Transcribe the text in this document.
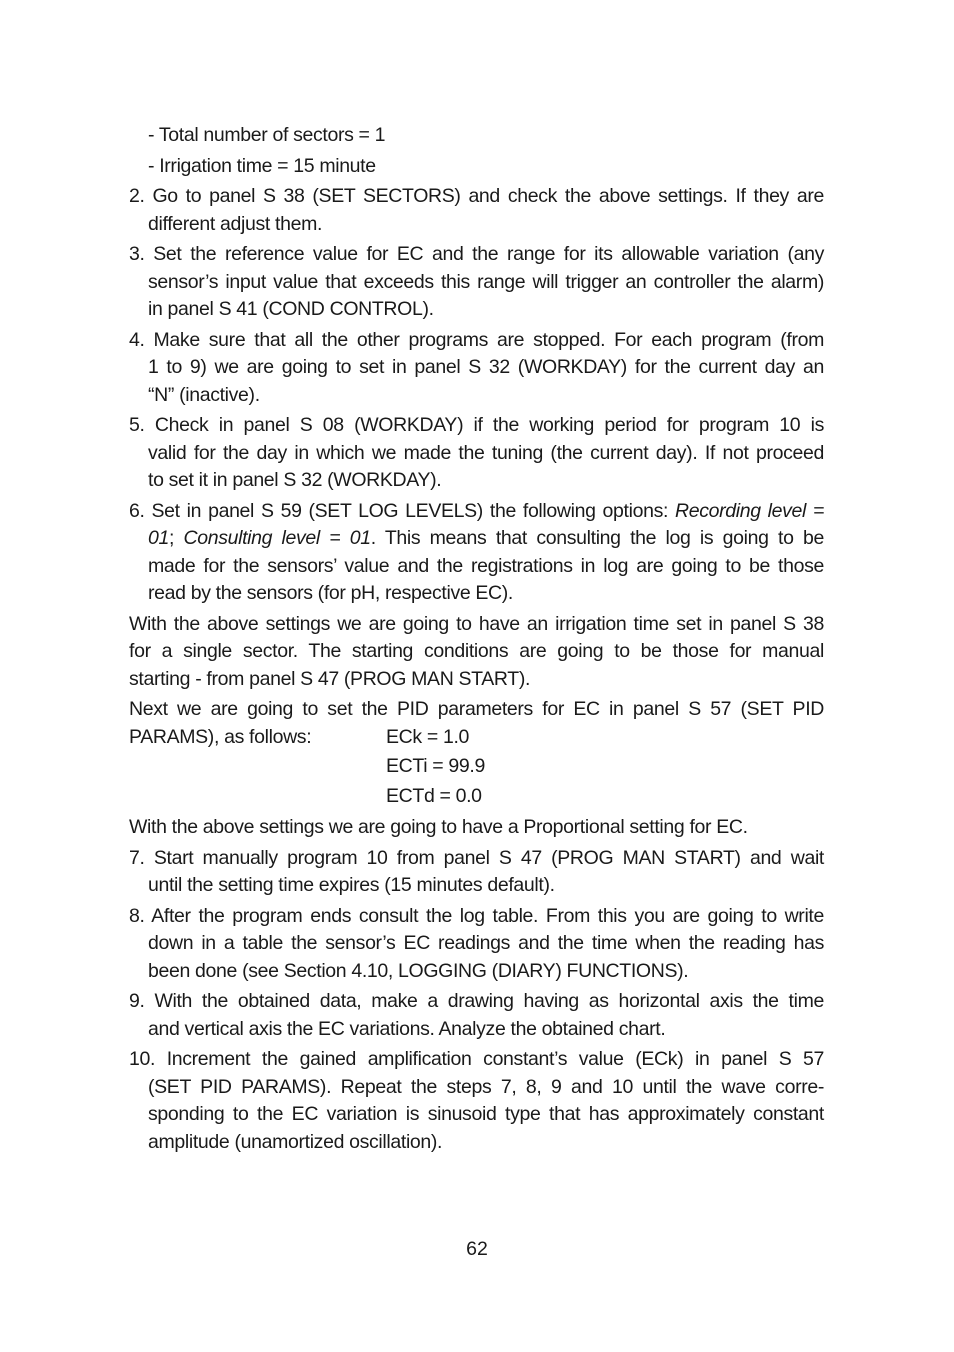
- Total number of sectors = 1
- Irrigation time = 15 minute
2. Go to panel S 38 (SET SECTORS) and check the above settings. If they are
different adjust them.
3. Set the reference value for EC and the range for its allowable variation (any
sensor’s input value that exceeds this range will trigger an controller the alarm)
in panel S 41 (COND CONTROL).
4. Make sure that all the other programs are stopped. For each program (from
1 to 9) we are going to set in panel S 32 (WORKDAY) for the current day an
“N” (inactive).
5. Check in panel S 08 (WORKDAY) if the working period for program 10 is
valid for the day in which we made the tuning (the current day). If not proceed
to set it in panel S 32 (WORKDAY).
6. Set in panel S 59 (SET LOG LEVELS) the following options: Recording level =
01; Consulting level = 01. This means that consulting the log is going to be
made for the sensors’ value and the registrations in log are going to be those
read by the sensors (for pH, respective EC).
With the above settings we are going to have an irrigation time set in panel S 38
for a single sector. The starting conditions are going to be those for manual
starting - from panel S 47 (PROG MAN START).
Next we are going to set the PID parameters for EC in panel S 57 (SET PID
PARAMS), as follows:	ECk = 1.0
ECTi = 99.9
ECTd = 0.0
With the above settings we are going to have a Proportional setting for EC.
7. Start manually program 10 from panel S 47 (PROG MAN START) and wait
until the setting time expires (15 minutes default).
8. After the program ends consult the log table. From this you are going to write
down in a table the sensor’s EC readings and the time when the reading has
been done (see Section 4.10, LOGGING (DIARY) FUNCTIONS).
9. With the obtained data, make a drawing having as horizontal axis the time
and vertical axis the EC variations. Analyze the obtained chart.
10. Increment the gained amplification constant’s value (ECk) in panel S 57
(SET PID PARAMS). Repeat the steps 7, 8, 9 and 10 until the wave corre-
sponding to the EC variation is sinusoid type that has approximately constant
amplitude (unamortized oscillation).
62
